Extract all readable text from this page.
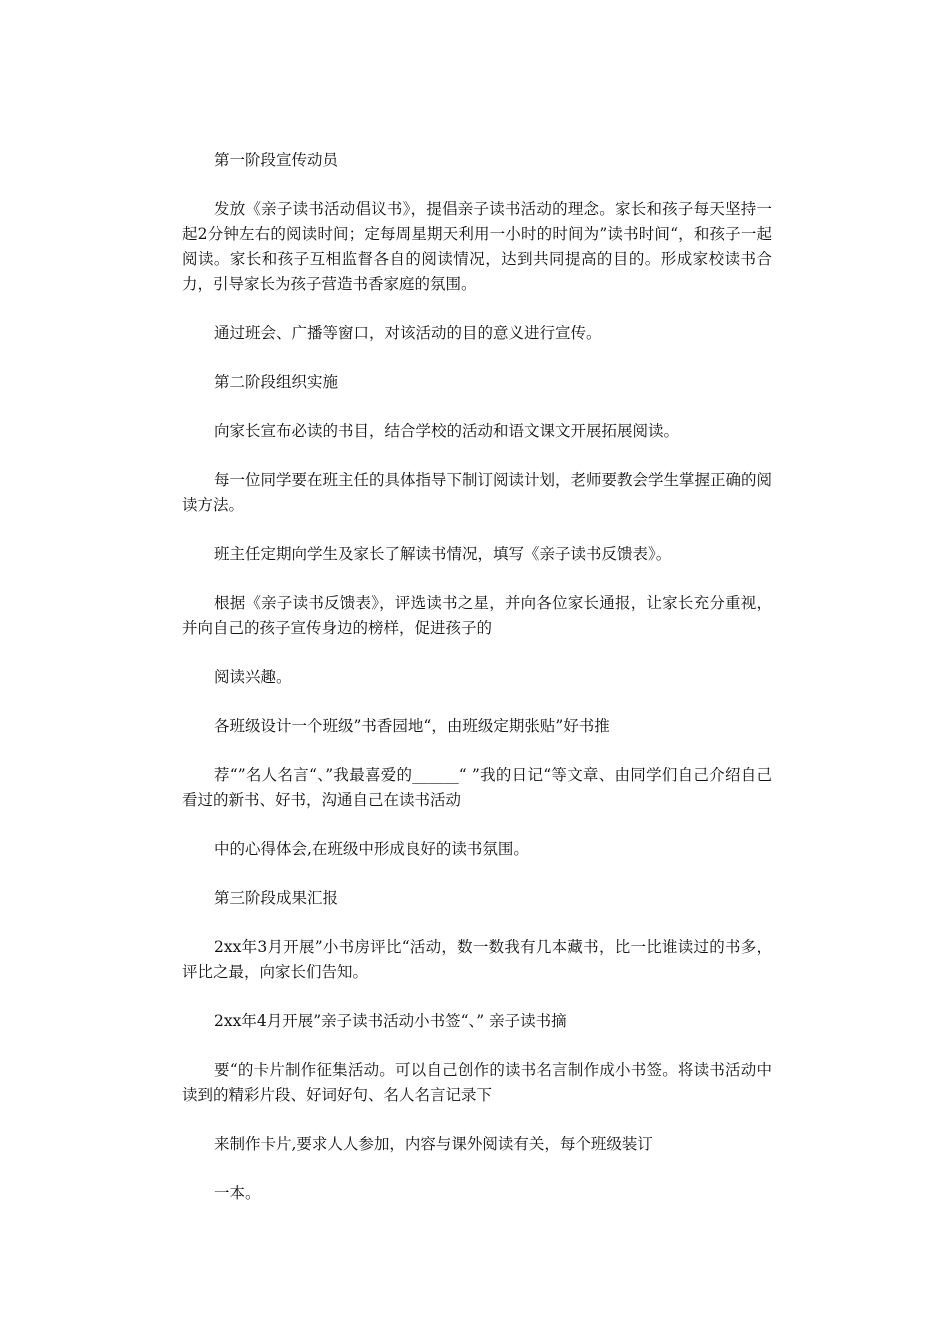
第一阶段宣传动员

发放《亲子读书活动倡议书》，提倡亲子读书活动的理念。家长和孩子每天坚持一起2分钟左右的阅读时间；定每周星期天利用一小时的时间为”读书时间“，和孩子一起阅读。家长和孩子互相监督各自的阅读情况，达到共同提高的目的。形成家校读书合力，引导家长为孩子营造书香家庭的氛围。

通过班会、广播等窗口，对该活动的目的意义进行宣传。

第二阶段组织实施

向家长宣布必读的书目，结合学校的活动和语文课文开展拓展阅读。

每一位同学要在班主任的具体指导下制订阅读计划，老师要教会学生掌握正确的阅读方法。

班主任定期向学生及家长了解读书情况，填写《亲子读书反馈表》。

根据《亲子读书反馈表》，评选读书之星，并向各位家长通报，让家长充分重视，并向自己的孩子宣传身边的榜样，促进孩子的

阅读兴趣。

各班级设计一个班级”书香园地“，由班级定期张贴”好书推

荐“”名人名言“、”我最喜爱的______“ ”我的日记“等文章、由同学们自己介绍自己看过的新书、好书，沟通自己在读书活动

中的心得体会,在班级中形成良好的读书氛围。

第三阶段成果汇报

2xx年3月开展”小书房评比“活动，数一数我有几本藏书，比一比谁读过的书多，评比之最，向家长们告知。

2xx年4月开展”亲子读书活动小书签“、” 亲子读书摘

要“的卡片制作征集活动。可以自己创作的读书名言制作成小书签。将读书活动中读到的精彩片段、好词好句、名人名言记录下

来制作卡片,要求人人参加，内容与课外阅读有关，每个班级装订

一本。
